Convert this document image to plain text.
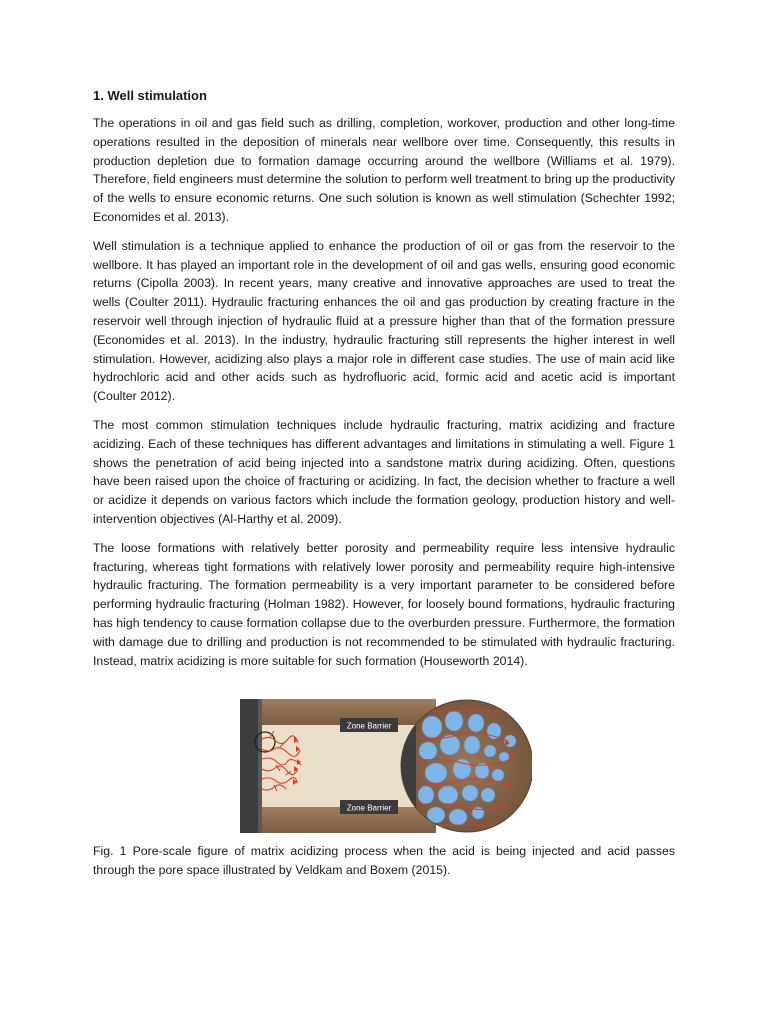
1. Well stimulation

The operations in oil and gas field such as drilling, completion, workover, production and other long-time operations resulted in the deposition of minerals near wellbore over time. Consequently, this results in production depletion due to formation damage occurring around the wellbore (Williams et al. 1979). Therefore, field engineers must determine the solution to perform well treatment to bring up the productivity of the wells to ensure economic returns. One such solution is known as well stimulation (Schechter 1992; Economides et al. 2013).

Well stimulation is a technique applied to enhance the production of oil or gas from the reservoir to the wellbore. It has played an important role in the development of oil and gas wells, ensuring good economic returns (Cipolla 2003). In recent years, many creative and innovative approaches are used to treat the wells (Coulter 2011). Hydraulic fracturing enhances the oil and gas production by creating fracture in the reservoir well through injection of hydraulic fluid at a pressure higher than that of the formation pressure (Economides et al. 2013). In the industry, hydraulic fracturing still represents the higher interest in well stimulation. However, acidizing also plays a major role in different case studies. The use of main acid like hydrochloric acid and other acids such as hydrofluoric acid, formic acid and acetic acid is important (Coulter 2012).

The most common stimulation techniques include hydraulic fracturing, matrix acidizing and fracture acidizing. Each of these techniques has different advantages and limitations in stimulating a well. Figure 1 shows the penetration of acid being injected into a sandstone matrix during acidizing. Often, questions have been raised upon the choice of fracturing or acidizing. In fact, the decision whether to fracture a well or acidize it depends on various factors which include the formation geology, production history and well-intervention objectives (Al-Harthy et al. 2009).

The loose formations with relatively better porosity and permeability require less intensive hydraulic fracturing, whereas tight formations with relatively lower porosity and permeability require high-intensive hydraulic fracturing. The formation permeability is a very important parameter to be considered before performing hydraulic fracturing (Holman 1982). However, for loosely bound formations, hydraulic fracturing has high tendency to cause formation collapse due to the overburden pressure. Furthermore, the formation with damage due to drilling and production is not recommended to be stimulated with hydraulic fracturing. Instead, matrix acidizing is more suitable for such formation (Houseworth 2014).

Zone Barrier
Zone Barrier

Fig. 1 Pore-scale figure of matrix acidizing process when the acid is being injected and acid passes through the pore space illustrated by Veldkam and Boxem (2015).
